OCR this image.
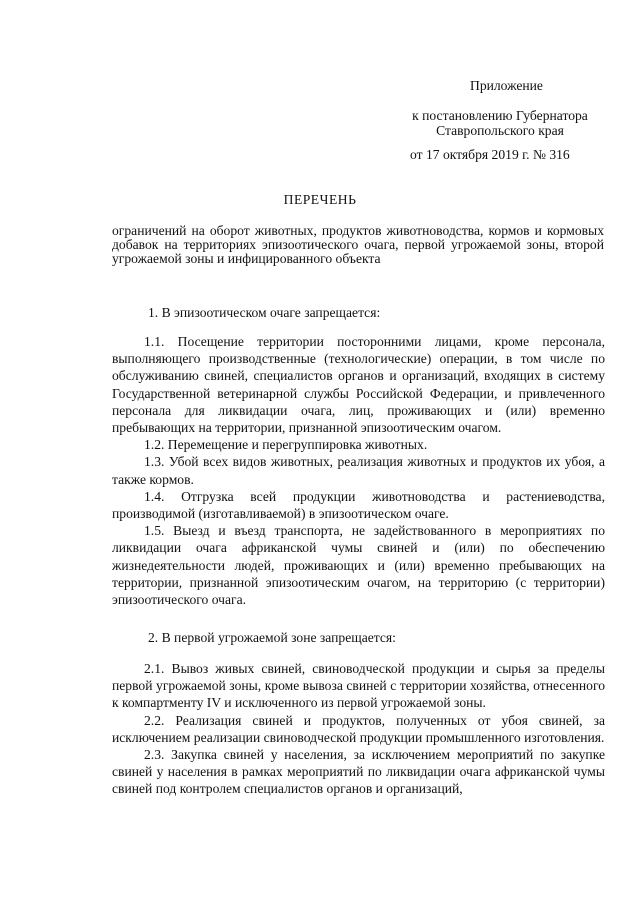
Приложение

к постановлению Губернатора

Ставропольского края

от 17 октября 2019 г. № 316

ПЕРЕЧЕНЬ

ограничений на оборот животных, продуктов животноводства, кормов и кормовых добавок на территориях эпизоотического очага, первой угрожаемой зоны, второй угрожаемой зоны и инфицированного объекта

1. В эпизоотическом очаге запрещается:

1.1. Посещение территории посторонними лицами, кроме персонала, выполняющего производственные (технологические) операции, в том числе по обслуживанию свиней, специалистов органов и организаций, входящих в систему Государственной ветеринарной службы Российской Федерации, и привлеченного персонала для ликвидации очага, лиц, проживающих и (или) временно пребывающих на территории, признанной эпизоотическим очагом.

1.2. Перемещение и перегруппировка животных.

1.3. Убой всех видов животных, реализация животных и продуктов их убоя, а также кормов.

1.4. Отгрузка всей продукции животноводства и растениеводства, производимой (изготавливаемой) в эпизоотическом очаге.

1.5. Выезд и въезд транспорта, не задействованного в мероприятиях по ликвидации очага африканской чумы свиней и (или) по обеспечению жизнедеятельности людей, проживающих и (или) временно пребывающих на территории, признанной эпизоотическим очагом, на территорию (с территории) эпизоотического очага.

2. В первой угрожаемой зоне запрещается:

2.1. Вывоз живых свиней, свиноводческой продукции и сырья за пределы первой угрожаемой зоны, кроме вывоза свиней с территории хозяйства, отнесенного к компартменту IV и исключенного из первой угрожаемой зоны.

2.2. Реализация свиней и продуктов, полученных от убоя свиней, за исключением реализации свиноводческой продукции промышленного изготовления.

2.3. Закупка свиней у населения, за исключением мероприятий по закупке свиней у населения в рамках мероприятий по ликвидации очага африканской чумы свиней под контролем специалистов органов и организаций,
